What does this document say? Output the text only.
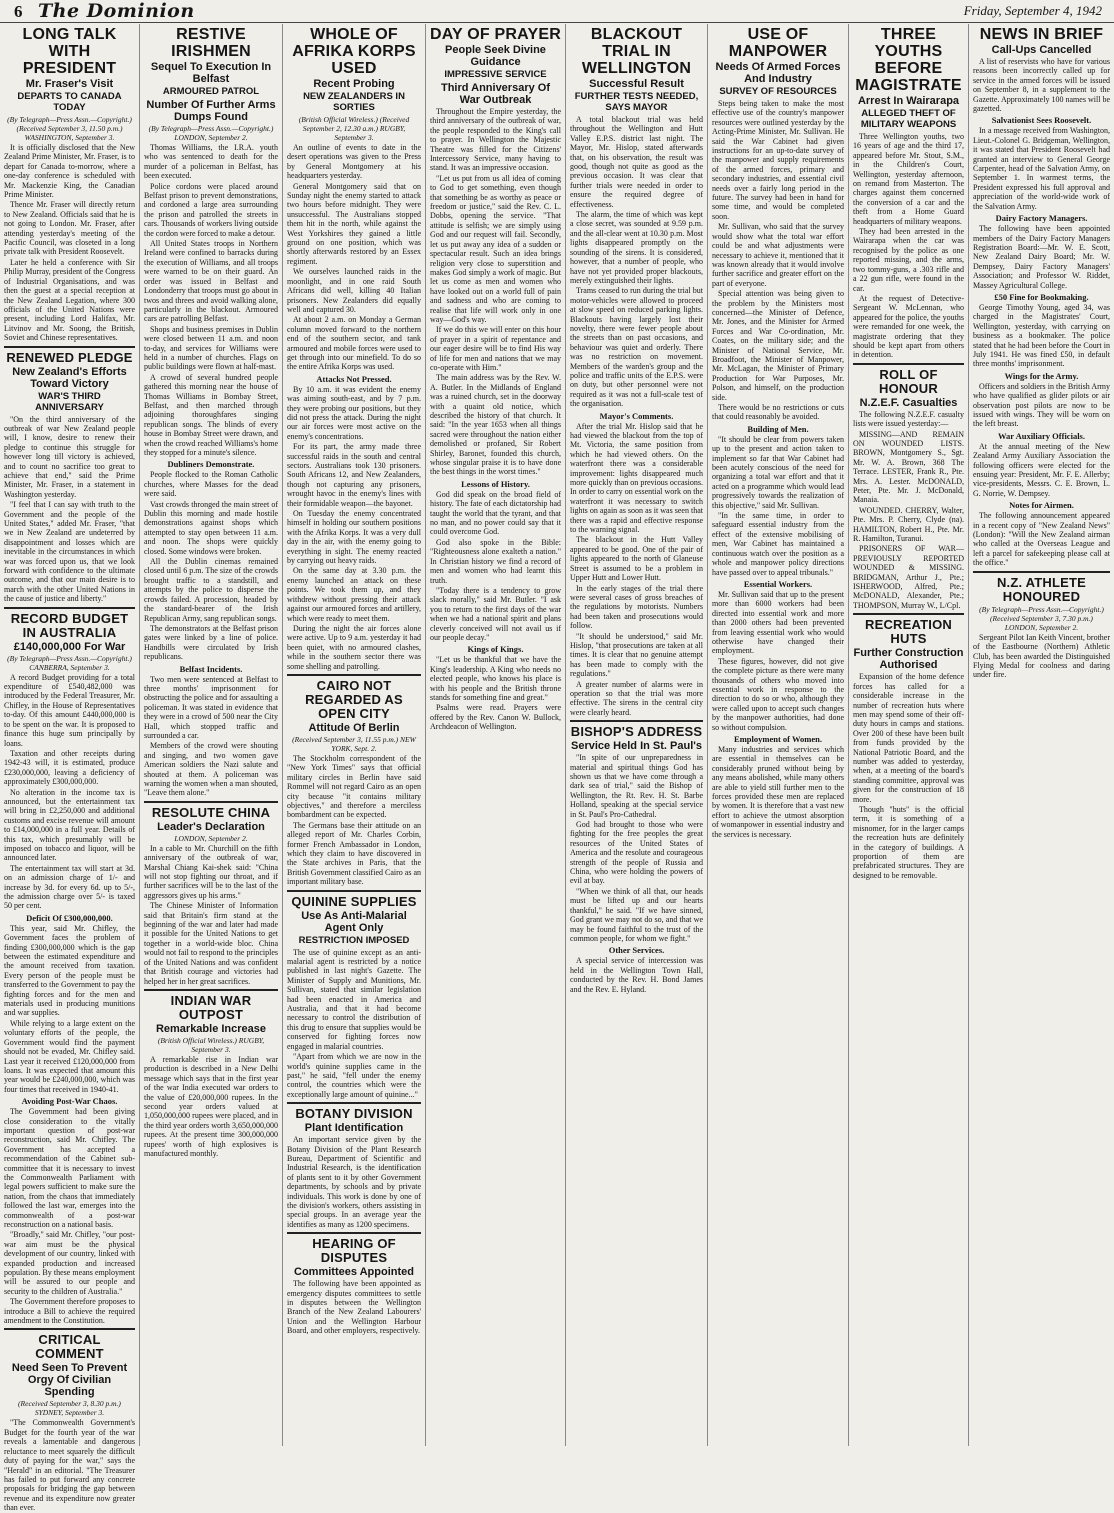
6 The Dominion	Friday, September 4, 1942
LONG TALK WITH PRESIDENT
Mr. Fraser's Visit
DEPARTS TO CANADA TODAY
(By Telegraph—Press Assn.—Copyright.) (Received September 3, 11.50 p.m.) WASHINGTON, September 3.

It is officially disclosed that the New Zealand Prime Minister, Mr. Fraser, is to depart for Canada to-morrow, where a one-day conference is scheduled with Mr. Mackenzie King, the Canadian Prime Minister.

Thence Mr. Fraser will directly return to New Zealand. Officials said that he is not going to London. Mr. Fraser, after attending yesterday's meeting of the Pacific Council, was closeted in a long private talk with President Roosevelt.

Later he held a conference with Sir Philip Murray, president of the Congress of Industrial Organisations, and was then the guest at a special reception at the New Zealand Legation, where 300 officials of the United Nations were present, including Lord Halifax, Mr. Litvinov and Mr. Soong, the British, Soviet and Chinese representatives.

RENEWED PLEDGE
New Zealand's Efforts Toward Victory
WAR'S THIRD ANNIVERSARY

"On the third anniversary of the outbreak of war New Zealand people will, I know, desire to renew their pledge to continue this struggle for however long till victory is achieved, and to count no sacrifice too great to achieve that end," said the Prime Minister, Mr. Fraser, in a statement in Washington yesterday.

"I feel that I can say with truth to the Government and the people of the United States," added Mr. Fraser, "that we in New Zealand are undeterred by disappointment and losses which are inevitable in the circumstances in which war was forced upon us, that we look forward with confidence to the ultimate outcome, and that our main desire is to march with the other United Nations in the cause of justice and liberty."

RECORD BUDGET IN AUSTRALIA
£140,000,000 For War
(By Telegraph—Press Assn.—Copyright.) CANBERRA, September 3.

A record Budget providing for a total expenditure of £540,482,000 was introduced by the Federal Treasurer, Mr. Chifley, in the House of Representatives to-day. Of this amount £440,000,000 is to be spent on the war. It is proposed to finance this huge sum principally by loans.

Taxation and other receipts during 1942-43 will, it is estimated, produce £230,000,000, leaving a deficiency of approximately £300,000,000.

No alteration in the income tax is announced, but the entertainment tax will bring in £2,250,000 and additional customs and excise revenue will amount to £14,000,000 in a full year. Details of this tax, which presumably will be imposed on tobacco and liquor, will be announced later.

The entertainment tax will start at 3d. on an admission charge of 1/- and increase by 3d. for every 6d. up to 5/-, the admission charge over 5/- is taxed 50 per cent.

Deficit Of £300,000,000.

This year, said Mr. Chifley, the Government faces the problem of finding £300,000,000 which is the gap between the estimated expenditure and the amount received from taxation. Every person of the people must be transferred to the Government to pay the fighting forces and for the men and materials used in producing munitions and war supplies.

While relying to a large extent on the voluntary efforts of the people, the Government would find the payment should not be evaded, Mr. Chifley said. Last year it received £120,000,000 from loans. It was expected that amount this year would be £240,000,000, which was four times that received in 1940-41.

Avoiding Post-War Chaos.

The Government had been giving close consideration to the vitally important question of post-war reconstruction, said Mr. Chifley. The Government has accepted a recommendation of the Cabinet sub-committee that it is necessary to invest the Commonwealth Parliament with legal powers sufficient to make sure the nation, from the chaos that immediately followed the last war, emerges into the commonwealth of a post-war reconstruction on a national basis.

"Broadly," said Mr. Chifley, "our post-war aim must be the physical development of our country, linked with expanded production and increased population. By these means employment will be assured to our people and security to the children of Australia."

The Government therefore proposes to introduce a Bill to achieve the required amendment to the Constitution.

CRITICAL COMMENT
Need Seen To Prevent Orgy Of Civilian Spending
(Received September 3, 8.30 p.m.) SYDNEY, September 3.

"The Commonwealth Government's Budget for the fourth year of the war reveals a lamentable and dangerous reluctance to meet squarely the difficult duty of paying for the war," says the "Herald" in an editorial. "The Treasurer has failed to put forward any concrete proposals for bridging the gap between revenue and its expenditure now greater than ever.

RESTIVE IRISHMEN
Sequel To Execution In Belfast
ARMOURED PATROL
Number Of Further Arms Dumps Found
(By Telegraph—Press Assn.—Copyright.) LONDON, September 2.

Thomas Williams, the I.R.A. youth who was sentenced to death for the murder of a policeman in Belfast, has been executed.

Police cordons were placed around Belfast prison to prevent demonstrations, and cordoned a large area surrounding the prison and patrolled the streets in cars. Thousands of workers living outside the cordon were forced to make a detour.

All United States troops in Northern Ireland were confined to barracks during the execution of Williams, and all troops were warned to be on their guard. An order was issued in Belfast and Londonderry that troops must go about in twos and threes and avoid walking alone, particularly in the blackout. Armoured cars are patrolling Belfast.

Shops and business premises in Dublin were closed between 11 a.m. and noon to-day, and services for Williams were held in a number of churches. Flags on public buildings were flown at half-mast.

A crowd of several hundred people gathered this morning near the house of Thomas Williams in Bombay Street, Belfast, and then marched through adjoining thoroughfares singing republican songs. The blinds of every house in Bombay Street were drawn, and when the crowd reached Williams's home they stopped for a minute's silence.

Dubliners Demonstrate.

People flocked to the Roman Catholic churches, where Masses for the dead were said.

Vast crowds thronged the main street of Dublin this morning and made hostile demonstrations against shops which attempted to stay open between 11 a.m. and noon. The shops were quickly closed. Some windows were broken.

All the Dublin cinemas remained closed until 6 p.m. The size of the crowds brought traffic to a standstill, and attempts by the police to disperse the crowds failed. A procession, headed by the standard-bearer of the Irish Republican Army, sang republican songs.

The demonstrators at the Belfast prison gates were linked by a line of police. Handbills were circulated by Irish republicans.

Belfast Incidents.

Two men were sentenced at Belfast to three months' imprisonment for obstructing the police and for assaulting a policeman. It was stated in evidence that they were in a crowd of 500 near the City Hall, which stopped traffic and surrounded a car.

Members of the crowd were shouting and singing, and two women gave American soldiers the Nazi salute and shouted at them. A policeman was warning the women when a man shouted, "Leave them alone."

RESOLUTE CHINA
Leader's Declaration
LONDON, September 2.

In a cable to Mr. Churchill on the fifth anniversary of the outbreak of war, Marshal Chiang Kai-shek said: "China will not stop fighting our throat, and if further sacrifices will be to the last of the aggressors gives up his arms."

The Chinese Minister of Information said that Britain's firm stand at the beginning of the war and later had made it possible for the United Nations to get together in a world-wide bloc. China would not fail to respond to the principles of the United Nations and was confident that British courage and victories had helped her in her great sacrifices.

INDIAN WAR OUTPOST
Remarkable Increase
(British Official Wireless.) RUGBY, September 3.

A remarkable rise in Indian war production is described in a New Delhi message which says that in the first year of the war India executed war orders to the value of £20,000,000 rupees. In the second year orders valued at 1,050,000,000 rupees were placed, and in the third year orders worth 3,650,000,000 rupees. At the present time 300,000,000 rupees' worth of high explosives is manufactured monthly.

WHOLE OF AFRIKA KORPS USED
Recent Probing
NEW ZEALANDERS IN SORTIES
(British Official Wireless.) (Received September 2, 12.30 a.m.) RUGBY, September 3.

An outline of events to date in the desert operations was given to the Press by General Montgomery at his headquarters yesterday.

General Montgomery said that on Sunday night the enemy started to attack two hours before midnight. They were unsuccessful. The Australians stopped them hit in the north, while against the West Yorkshires they gained a little ground on one position, which was shortly afterwards restored by an Essex regiment.

We ourselves launched raids in the moonlight, and in one raid South Africans did well, killing 40 Italian prisoners. New Zealanders did equally well and captured 30.

At about 2 a.m. on Monday a German column moved forward to the northern end of the southern sector, and tank armoured and mobile forces were used to get through into our minefield. To do so the entire Afrika Korps was used.

Attacks Not Pressed.

By 10 a.m. it was evident the enemy was aiming south-east, and by 7 p.m. they were probing our positions, but they did not press the attack. During the night our air forces were most active on the enemy's concentrations.

For its part, the army made three successful raids in the south and central sectors. Australians took 130 prisoners. South Africans 12, and New Zealanders, though not capturing any prisoners, wrought havoc in the enemy's lines with their formidable weapon—the bayonet.

On Tuesday the enemy concentrated himself in holding our southern positions with the Afrika Korps. It was a very dull day in the air, with the enemy going to everything in sight. The enemy reacted by carrying out heavy raids.

On the same day at 3.30 p.m. the enemy launched an attack on these points. We took them up, and they withdrew without pressing their attack against our armoured forces and artillery, which were ready to meet them.

During the night the air forces alone were active. Up to 9 a.m. yesterday it had been quiet, with no armoured clashes, while in the southern sector there was some shelling and patrolling.

CAIRO NOT REGARDED AS OPEN CITY
Attitude Of Berlin
(Received September 3, 11.55 p.m.) NEW YORK, Sept. 2.

The Stockholm correspondent of the "New York Times" says that official military circles in Berlin have said Rommel will not regard Cairo as an open city because "it contains military objectives," and therefore a merciless bombardment can be expected.

The Germans base their attitude on an alleged report of Mr. Charles Corbin, former French Ambassador in London, which they claim to have discovered in the State archives in Paris, that the British Government classified Cairo as an important military base.

QUININE SUPPLIES
Use As Anti-Malarial Agent Only
RESTRICTION IMPOSED

The use of quinine except as an anti-malarial agent is restricted by a notice published in last night's Gazette. The Minister of Supply and Munitions, Mr. Sullivan, stated that similar legislation had been enacted in America and Australia, and that it had become necessary to control the distribution of this drug to ensure that supplies would be conserved for fighting forces now engaged in malarial countries.

"Apart from which we are now in the world's quinine supplies came in the past," he said, "fell under the enemy control, the countries which were the exceptionally large amount of quinine..."

BOTANY DIVISION
Plant Identification

An important service given by the Botany Division of the Plant Research Bureau, Department of Scientific and Industrial Research, is the identification of plants sent to it by other Government departments, by schools and by private individuals. This work is done by one of the division's workers, others assisting in special groups. In an average year the identifies as many as 1200 specimens.

HEARING OF DISPUTES
Committees Appointed

The following have been appointed as emergency disputes committees to settle in disputes between the Wellington Branch of the New Zealand Labourers' Union and the Wellington Harbour Board, and other employers, respectively.

DAY OF PRAYER
People Seek Divine Guidance
IMPRESSIVE SERVICE
Third Anniversary Of War Outbreak

Throughout the Empire yesterday, the third anniversary of the outbreak of war, the people responded to the King's call to prayer. In Wellington the Majestic Theatre was filled for the Citizens' Intercessory Service, many having to stand. It was an impressive occasion.

"Let us put from us all idea of coming to God to get something, even though that something be as worthy as peace or freedom or justice," said the Rev. C. L. Dobbs, opening the service. "That attitude is selfish; we are simply using God and our request will fail. Secondly, let us put away any idea of a sudden or spectacular result. Such an idea brings religion very close to superstition and makes God simply a work of magic. But let us come as men and women who have looked out on a world full of pain and sadness and who are coming to realise that life will work only in one way—God's way.

If we do this we will enter on this hour of prayer in a spirit of repentance and our eager desire will be to find His way of life for men and nations that we may co-operate with Him."

The main address was by the Rev. W. A. Butler. In the Midlands of England was a ruined church, set in the doorway with a quaint old notice, which described the history of that church. It said: "In the year 1653 when all things sacred were throughout the nation either demolished or profaned, Sir Robert Shirley, Baronet, founded this church, whose singular praise it is to have done the best things in the worst times."

Lessons of History.

God did speak on the broad field of history. The fate of each dictatorship had taught the world that the tyrant, and that no man, and no power could say that it could overcome God.

God also spoke in the Bible: "Righteousness alone exalteth a nation." In Christian history we find a record of men and women who had learnt this truth.

"Today there is a tendency to grow slack morally," said Mr. Butler. "I ask you to return to the first days of the war when we had a national spirit and plans cleverly conceived will not avail us if our people decay."

Kings of Kings.

"Let us be thankful that we have the King's leadership. A King who needs no elected people, who knows his place is with his people and the British throne stands for something fine and great."

Psalms were read. Prayers were offered by the Rev. Canon W. Bullock, Archdeacon of Wellington.

BLACKOUT TRIAL IN WELLINGTON
Successful Result
FURTHER TESTS NEEDED, SAYS MAYOR

A total blackout trial was held throughout the Wellington and Hutt Valley E.P.S. district last night. The Mayor, Mr. Hislop, stated afterwards that, on his observation, the result was good, though not quite as good as the previous occasion. It was clear that further trials were needed in order to ensure the required degree of effectiveness.

The alarm, the time of which was kept a close secret, was sounded at 9.59 p.m. and the all-clear went at 10.30 p.m. Most lights disappeared promptly on the sounding of the sirens. It is considered, however, that a number of people, who have not yet provided proper blackouts, merely extinguished their lights.

Trams ceased to run during the trial but motor-vehicles were allowed to proceed at slow speed on reduced parking lights. Blackouts having largely lost their novelty, there were fewer people about the streets than on past occasions, and behaviour was quiet and orderly. There was no restriction on movement. Members of the warden's group and the police and traffic units of the E.P.S. were on duty, but other personnel were not required as it was not a full-scale test of the organisation.

Mayor's Comments.

After the trial Mr. Hislop said that he had viewed the blackout from the top of Mt. Victoria, the same position from which he had viewed others. On the waterfront there was a considerable improvement: lights disappeared much more quickly than on previous occasions. In order to carry on essential work on the waterfront it was necessary to switch lights on again as soon as it was seen that there was a rapid and effective response to the warning signal.

The blackout in the Hutt Valley appeared to be good. One of the pair of lights appeared to the north of Glaneuse Street is assumed to be a problem in Upper Hutt and Lower Hutt.

In the early stages of the trial there were several cases of gross breaches of the regulations by motorists. Numbers had been taken and prosecutions would follow.

"It should be understood," said Mr. Hislop, "that prosecutions are taken at all times. It is clear that no genuine attempt has been made to comply with the regulations."

A greater number of alarms were in operation so that the trial was more effective. The sirens in the central city were clearly heard.

BISHOP'S ADDRESS
Service Held In St. Paul's

"In spite of our unpreparedness in material and spiritual things God has shown us that we have come through a dark sea of trial," said the Bishop of Wellington, the Rt. Rev. H. St. Barbe Holland, speaking at the special service in St. Paul's Pro-Cathedral.

God had brought to those who were fighting for the free peoples the great resources of the United States of America and the resolute and courageous strength of the people of Russia and China, who were holding the powers of evil at bay.

"When we think of all that, our heads must be lifted up and our hearts thankful," he said. "If we have sinned, God grant we may not do so, and that we may be found faithful to the trust of the common people, for whom we fight."

Other Services.

A special service of intercession was held in the Wellington Town Hall, conducted by the Rev. H. Bond James and the Rev. E. Hyland.

USE OF MANPOWER
Needs Of Armed Forces And Industry
SURVEY OF RESOURCES

Steps being taken to make the most effective use of the country's manpower resources were outlined yesterday by the Acting-Prime Minister, Mr. Sullivan. He said the War Cabinet had given instructions for an up-to-date survey of the manpower and supply requirements of the armed forces, primary and secondary industries, and essential civil needs over a fairly long period in the future. The survey had been in hand for some time, and would be completed soon.

Mr. Sullivan, who said that the survey would show what the total war effort could be and what adjustments were necessary to achieve it, mentioned that it was known already that it would involve further sacrifice and greater effort on the part of everyone.

Special attention was being given to the problem by the Ministers most concerned—the Minister of Defence, Mr. Jones, and the Minister for Armed Forces and War Co-ordination, Mr. Coates, on the military side; and the Minister of National Service, Mr. Broadfoot, the Minister of Manpower, Mr. McLagan, the Minister of Primary Production for War Purposes, Mr. Polson, and himself, on the production side.

There would be no restrictions or cuts that could reasonably be avoided.

Building of Men.

"It should be clear from powers taken up to the present and action taken to implement so far that War Cabinet had been acutely conscious of the need for organizing a total war effort and that it acted on a programme which would lead progressively towards the realization of this objective," said Mr. Sullivan.

"In the same time, in order to safeguard essential industry from the effect of the extensive mobilising of men, War Cabinet has maintained a continuous watch over the position as a whole and manpower policy directions have passed over to appeal tribunals."

Essential Workers.

Mr. Sullivan said that up to the present more than 6000 workers had been directed into essential work and more than 2000 others had been prevented from leaving essential work who would otherwise have changed their employment.

These figures, however, did not give the complete picture as there were many thousands of others who moved into essential work in response to the direction to do so or who, although they were called upon to accept such changes by the manpower authorities, had done so without compulsion.

Employment of Women.

Many industries and services which are essential in themselves can be considerably pruned without being by any means abolished, while many others are able to yield still further men to the forces provided these men are replaced by women. It is therefore that a vast new effort to achieve the utmost absorption of womanpower in essential industry and the services is necessary.

THREE YOUTHS BEFORE MAGISTRATE
Arrest In Wairarapa
ALLEGED THEFT OF MILITARY WEAPONS

Three Wellington youths, two 16 years of age and the third 17, appeared before Mr. Stout, S.M., in the Children's Court, Wellington, yesterday afternoon, on remand from Masterton. The charges against them concerned the conversion of a car and the theft from a Home Guard headquarters of military weapons.

They had been arrested in the Wairarapa when the car was recognised by the police as one reported missing, and the arms, two tommy-guns, a .303 rifle and a 22 gun rifle, were found in the car.

At the request of Detective-Sergeant W. McLennan, who appeared for the police, the youths were remanded for one week, the magistrate ordering that they should be kept apart from others in detention.

ROLL OF HONOUR
N.Z.E.F. Casualties

The following N.Z.E.F. casualty lists were issued yesterday:—

MISSING—AND REMAIN ON WOUNDED LISTS. BROWN, Montgomery S., Sgt. Mr. W. A. Brown, 368 The Terrace. LESTER, Frank R., Pte. Mrs. A. Lester. McDONALD, Peter, Pte. Mr. J. McDonald, Manaia.

WOUNDED. CHERRY, Walter, Pte. Mrs. P. Cherry, Clyde (na). HAMILTON, Robert H., Pte. Mr. R. Hamilton, Turanui.

PRISONERS OF WAR—PREVIOUSLY REPORTED WOUNDED & MISSING. BRIDGMAN, Arthur J., Pte.; ISHERWOOD, Alfred, Pte.; McDONALD, Alexander, Pte.; THOMPSON, Murray W., L/Cpl.

RECREATION HUTS
Further Construction Authorised

Expansion of the home defence forces has called for a considerable increase in the number of recreation huts where men may spend some of their off-duty hours in camps and stations. Over 200 of these have been built from funds provided by the National Patriotic Board, and the number was added to yesterday, when, at a meeting of the board's standing committee, approval was given for the construction of 18 more.

Though "huts" is the official term, it is something of a misnomer, for in the larger camps the recreation huts are definitely in the category of buildings. A proportion of them are prefabricated structures. They are designed to be removable.

NEWS IN BRIEF
Call-Ups Cancelled

A list of reservists who have for various reasons been incorrectly called up for service in the armed forces will be issued on September 8, in a supplement to the Gazette. Approximately 100 names will be gazetted.

Salvationist Sees Roosevelt.

In a message received from Washington, Lieut.-Colonel G. Bridgeman, Wellington, it was stated that President Roosevelt had granted an interview to General George Carpenter, head of the Salvation Army, on September 1. In warmest terms, the President expressed his full approval and appreciation of the world-wide work of the Salvation Army.

Dairy Factory Managers.

The following have been appointed members of the Dairy Factory Managers Registration Board:—Mr. W. E. Scott, New Zealand Dairy Board; Mr. W. Dempsey, Dairy Factory Managers' Association; and Professor W. Riddet, Massey Agricultural College.

£50 Fine for Bookmaking.

George Timothy Young, aged 34, was charged in the Magistrates' Court, Wellington, yesterday, with carrying on business as a bookmaker. The police stated that he had been before the Court in July 1941. He was fined £50, in default three months' imprisonment.

Wings for the Army.

Officers and soldiers in the British Army who have qualified as glider pilots or air observation post pilots are now to be issued with wings. They will be worn on the left breast.

War Auxiliary Officials.

At the annual meeting of the New Zealand Army Auxiliary Association the following officers were elected for the ensuing year: President, Mr. F. E. Allerby; vice-presidents, Messrs. C. E. Brown, L. G. Norrie, W. Dempsey.

Notes for Airmen.

The following announcement appeared in a recent copy of "New Zealand News" (London): "Will the New Zealand airman who called at the Overseas League and left a parcel for safekeeping please call at the office."

N.Z. ATHLETE HONOURED
(By Telegraph—Press Assn.—Copyright.) (Received September 3, 7.30 p.m.) LONDON, September 2.

Sergeant Pilot Ian Keith Vincent, brother of the Eastbourne (Northern) Athletic Club, has been awarded the Distinguished Flying Medal for coolness and daring under fire.
